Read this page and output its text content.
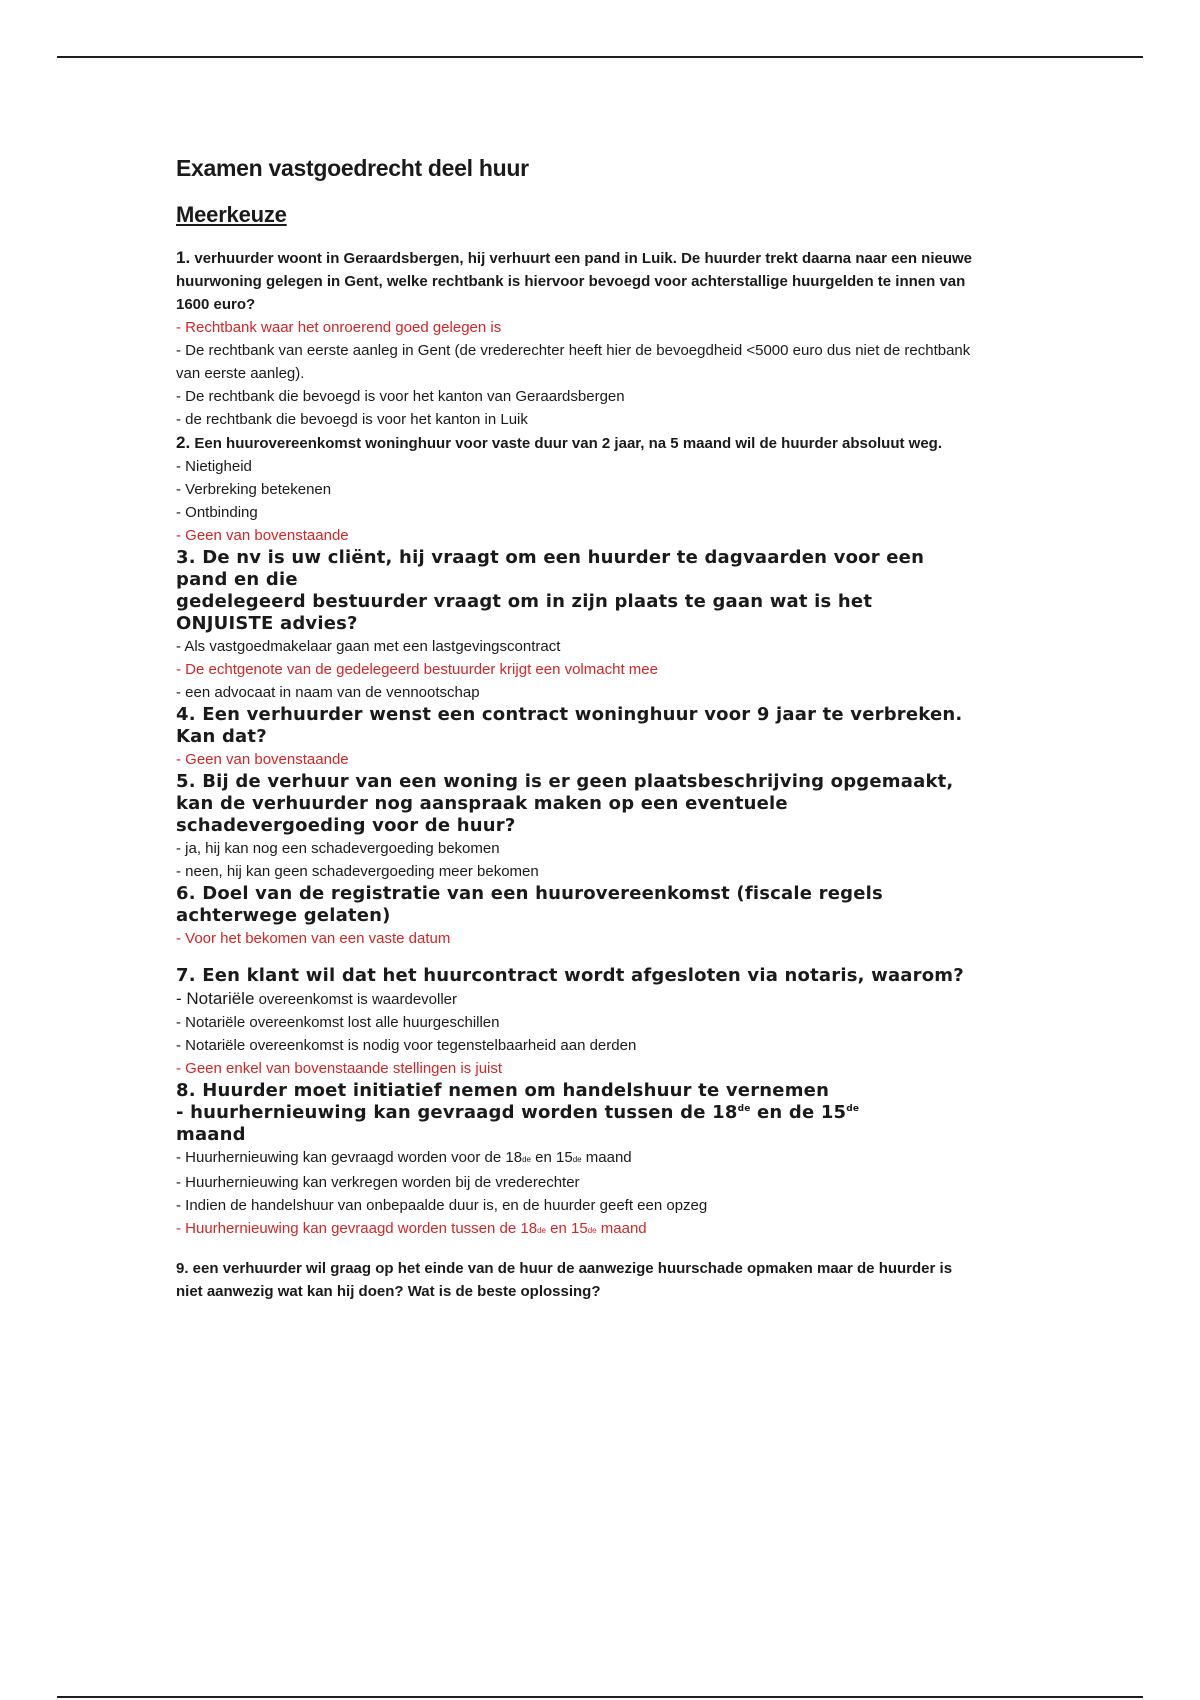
Examen vastgoedrecht deel huur
Meerkeuze

1. verhuurder woont in Geraardsbergen, hij verhuurt een pand in Luik. De huurder trekt daarna naar een nieuwe huurwoning gelegen in Gent, welke rechtbank is hiervoor bevoegd voor achterstallige huurgelden te innen van 1600 euro?

- Rechtbank waar het onroerend goed gelegen is

- De rechtbank van eerste aanleg in Gent (de vrederechter heeft hier de bevoegdheid <5000 euro dus niet de rechtbank van eerste aanleg).

- De rechtbank die bevoegd is voor het kanton van Geraardsbergen

- de rechtbank die bevoegd is voor het kanton in Luik

2. Een huurovereenkomst woninghuur voor vaste duur van 2 jaar, na 5 maand wil de huurder absoluut weg.

- Nietigheid

- Verbreking betekenen

- Ontbinding

- Geen van bovenstaande

3. De nv is uw cliënt, hij vraagt om een huurder te dagvaarden voor een pand en die

gedelegeerd bestuurder vraagt om in zijn plaats te gaan wat is het ONJUISTE advies?

- Als vastgoedmakelaar gaan met een lastgevingscontract

- De echtgenote van de gedelegeerd bestuurder krijgt een volmacht mee

- een advocaat in naam van de vennootschap

4. Een verhuurder wenst een contract woninghuur voor 9 jaar te verbreken. Kan dat?

- Geen van bovenstaande

5. Bij de verhuur van een woning is er geen plaatsbeschrijving opgemaakt, kan de verhuurder nog aanspraak maken op een eventuele schadevergoeding voor de huur?

- ja, hij kan nog een schadevergoeding bekomen

- neen, hij kan geen schadevergoeding meer bekomen

6. Doel van de registratie van een huurovereenkomst (fiscale regels achterwege gelaten)

- Voor het bekomen van een vaste datum

7. Een klant wil dat het huurcontract wordt afgesloten via notaris, waarom?

- Notariële overeenkomst is waardevoller

- Notariële overeenkomst lost alle huurgeschillen

- Notariële overeenkomst is nodig voor tegenstelbaarheid aan derden

- Geen enkel van bovenstaande stellingen is juist

8. Huurder moet initiatief nemen om handelshuur te vernemen

- huurhernieuwing kan gevraagd worden tussen de 18de en de 15de

maand

- Huurhernieuwing kan gevraagd worden voor de 18de en 15de maand

- Huurhernieuwing kan verkregen worden bij de vrederechter

- Indien de handelshuur van onbepaalde duur is, en de huurder geeft een opzeg

- Huurhernieuwing kan gevraagd worden tussen de 18de en 15de maand

9. een verhuurder wil graag op het einde van de huur de aanwezige huurschade opmaken maar de huurder is niet aanwezig wat kan hij doen? Wat is de beste oplossing?
